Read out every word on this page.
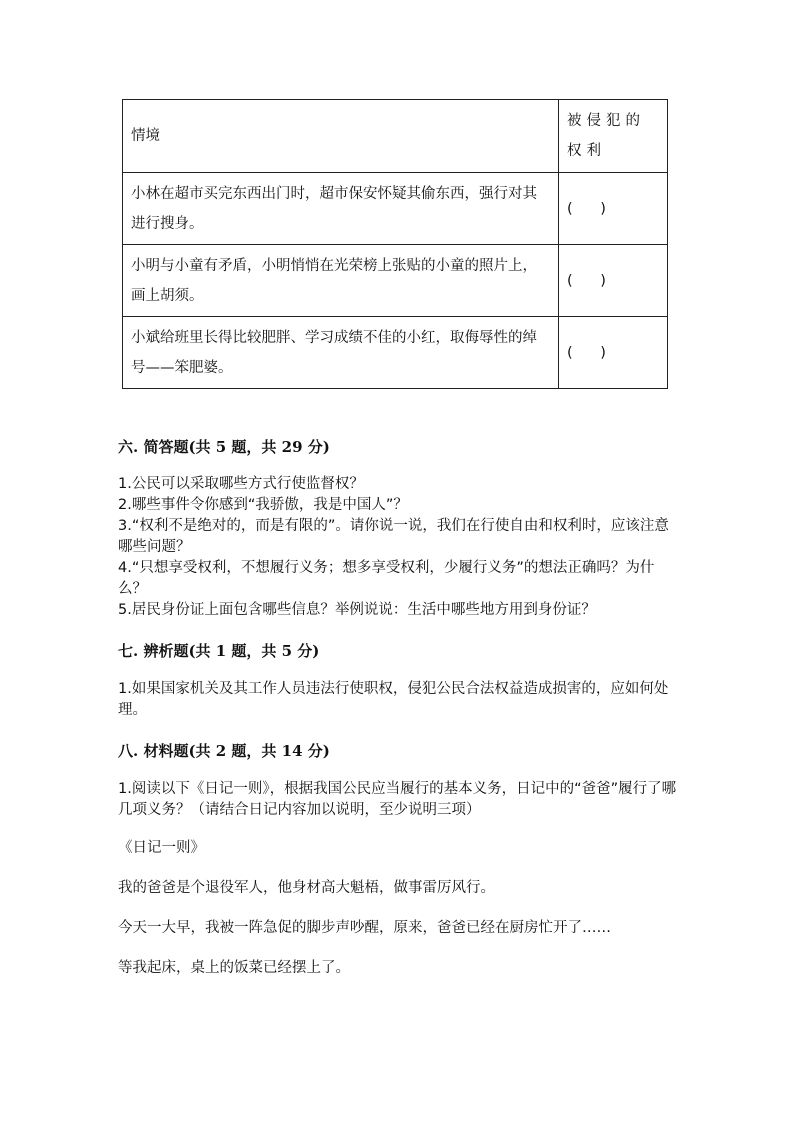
情境	被侵犯的权利
小林在超市买完东西出门时，超市保安怀疑其偷东西，强行对其进行搜身。	(      )
小明与小童有矛盾，小明悄悄在光荣榜上张贴的小童的照片上，画上胡须。	(      )
小斌给班里长得比较肥胖、学习成绩不佳的小红，取侮辱性的绰号——笨肥婆。	(      )
六. 简答题(共 5 题，共 29 分)
1.公民可以采取哪些方式行使监督权？
2.哪些事件令你感到“我骄傲，我是中国人”？
3.“权利不是绝对的，而是有限的”。请你说一说，我们在行使自由和权利时，应该注意哪些问题？
4.“只想享受权利，不想履行义务；想多享受权利，少履行义务”的想法正确吗？为什么？
5.居民身份证上面包含哪些信息？举例说说：生活中哪些地方用到身份证？
七. 辨析题(共 1 题，共 5 分)
1.如果国家机关及其工作人员违法行使职权，侵犯公民合法权益造成损害的，应如何处理。
八. 材料题(共 2 题，共 14 分)
1.阅读以下《日记一则》，根据我国公民应当履行的基本义务，日记中的“爸爸”履行了哪几项义务？（请结合日记内容加以说明，至少说明三项）
《日记一则》
我的爸爸是个退役军人，他身材高大魁梧，做事雷厉风行。
今天一大早，我被一阵急促的脚步声吵醒，原来，爸爸已经在厨房忙开了……
等我起床，桌上的饭菜已经摆上了。
